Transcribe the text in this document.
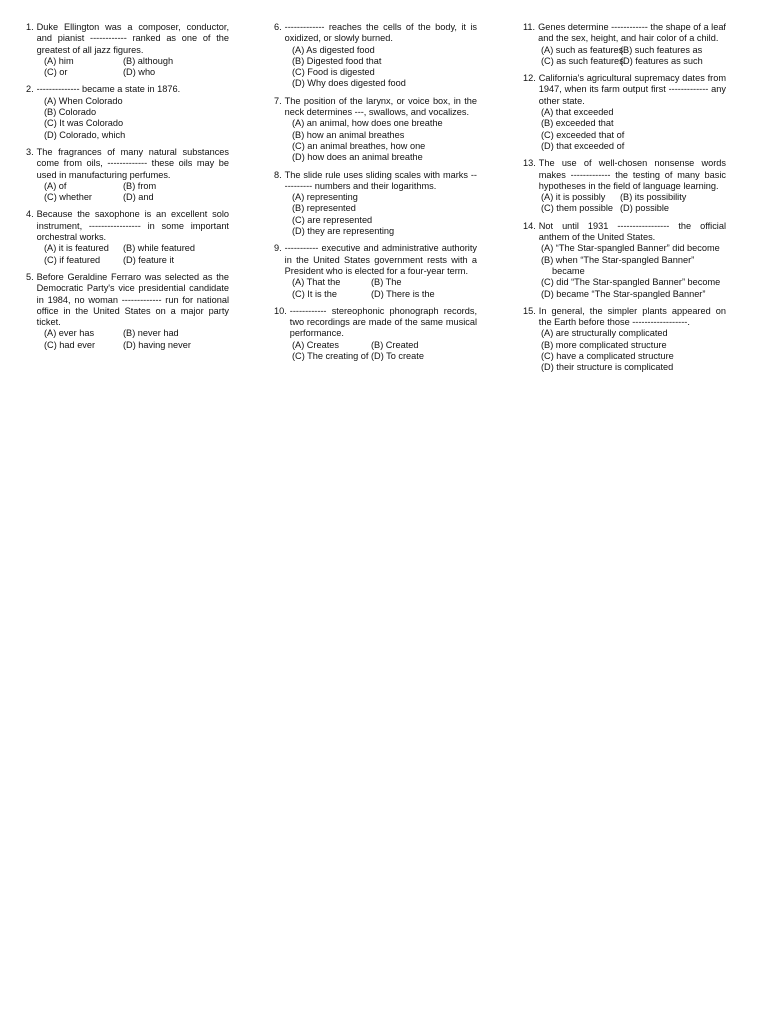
1. Duke Ellington was a composer, conductor, and pianist ------------ ranked as one of the greatest of all jazz figures.
(A) him	(B) although
(C) or	(D) who
2. -------------- became a state in 1876.
(A) When Colorado
(B) Colorado
(C) It was Colorado
(D) Colorado, which
3. The fragrances of many natural substances come from oils, ------------- these oils may be used in manufacturing perfumes.
(A) of	(B) from
(C) whether	(D) and
4. Because the saxophone is an excellent solo instrument, ----------------- in some important orchestral works.
(A) it is featured	(B) while featured
(C) if featured	(D) feature it
5. Before Geraldine Ferraro was selected as the Democratic Party's vice presidential candidate in 1984, no woman ------------- run for national office in the United States on a major party ticket.
(A) ever has	(B) never had
(C) had ever	(D) having never
6. ------------- reaches the cells of the body, it is oxidized, or slowly burned.
(A) As digested food
(B) Digested food that
(C) Food is digested
(D) Why does digested food
7. The position of the larynx, or voice box, in the neck determines ---, swallows, and vocalizes.
(A) an animal, how does one breathe
(B) how an animal breathes
(C) an animal breathes, how one
(D) how does an animal breathe
8. The slide rule uses sliding scales with marks ----------- numbers and their logarithms.
(A) representing
(B) represented
(C) are represented
(D) they are representing
9. ----------- executive and administrative authority in the United States government rests with a President who is elected for a four-year term.
(A) That the	(B) The
(C) It is the	(D) There is the
10. ------------ stereophonic phonograph records, two recordings are made of the same musical performance.
(A) Creates	(B) Created
(C) The creating of (D) To create
11. Genes determine ------------ the shape of a leaf and the sex, height, and hair color of a child.
(A) such as features
(B) such features as
(C) as such features
(D) features as such
12. California's agricultural supremacy dates from 1947, when its farm output first ------------- any other state.
(A) that exceeded
(B) exceeded that
(C) exceeded that of
(D) that exceeded of
13. The use of well-chosen nonsense words makes ------------- the testing of many basic hypotheses in the field of language learning.
(A) it is possibly	(B) its possibility
(C) them possible (D) possible
14. Not until 1931 ----------------- the official anthem of the United States.
(A) “The Star-spangled Banner” did become
(B) when “The Star-spangled Banner”
became
(C) did “The Star-spangled Banner” become
(D) became “The Star-spangled Banner”
15. In general, the simpler plants appeared on the Earth before those ------------------.
(A) are structurally complicated
(B) more complicated structure
(C) have a complicated structure
(D) their structure is complicated
